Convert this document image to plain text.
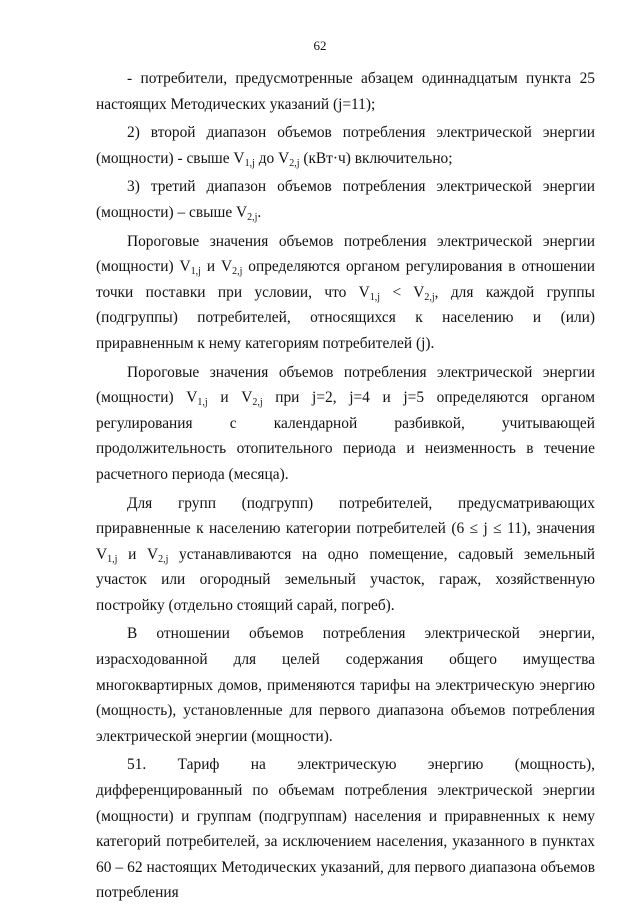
62

- потребители, предусмотренные абзацем одиннадцатым пункта 25 настоящих Методических указаний (j=11);

2) второй диапазон объемов потребления электрической энергии (мощности) - свыше $V_{1,j}$ до $V_{2,j}$ (кВт·ч) включительно;

3) третий диапазон объемов потребления электрической энергии (мощности) – свыше $V_{2,j}$.

Пороговые значения объемов потребления электрической энергии (мощности) $V_{1,j}$ и $V_{2,j}$ определяются органом регулирования в отношении точки поставки при условии, что $V_{1,j} < V_{2,j}$, для каждой группы (подгруппы) потребителей, относящихся к населению и (или) приравненным к нему категориям потребителей (j).

Пороговые значения объемов потребления электрической энергии (мощности) $V_{1,j}$ и $V_{2,j}$ при j=2, j=4 и j=5 определяются органом регулирования с календарной разбивкой, учитывающей продолжительность отопительного периода и неизменность в течение расчетного периода (месяца).

Для групп (подгрупп) потребителей, предусматривающих приравненные к населению категории потребителей (6 ≤ j ≤ 11), значения $V_{1,j}$ и $V_{2,j}$ устанавливаются на одно помещение, садовый земельный участок или огородный земельный участок, гараж, хозяйственную постройку (отдельно стоящий сарай, погреб).

В отношении объемов потребления электрической энергии, израсходованной для целей содержания общего имущества многоквартирных домов, применяются тарифы на электрическую энергию (мощность), установленные для первого диапазона объемов потребления электрической энергии (мощности).

51. Тариф на электрическую энергию (мощность), дифференцированный по объемам потребления электрической энергии (мощности) и группам (подгруппам) населения и приравненных к нему категорий потребителей, за исключением населения, указанного в пунктах 60 – 62 настоящих Методических указаний, для первого диапазона объемов потребления
